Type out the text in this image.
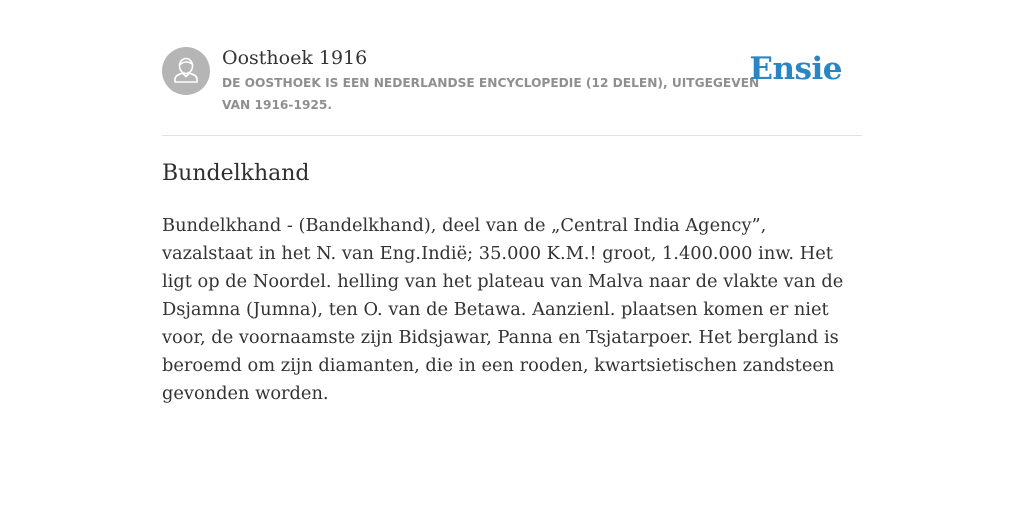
Oosthoek 1916
DE OOSTHOEK IS EEN NEDERLANDSE ENCYCLOPEDIE (12 DELEN), UITGEGEVEN VAN 1916-1925.
Ensie
Bundelkhand

Bundelkhand - (Bandelkhand), deel van de „Central India Agency”, vazalstaat in het N. van Eng.Indië; 35.000 K.M.! groot, 1.400.000 inw. Het ligt op de Noordel. helling van het plateau van Malva naar de vlakte van de Dsjamna (Jumna), ten O. van de Betawa. Aanzienl. plaatsen komen er niet voor, de voornaamste zijn Bidsjawar, Panna en Tsjatarpoer. Het bergland is beroemd om zijn diamanten, die in een rooden, kwartsietischen zandsteen gevonden worden.
